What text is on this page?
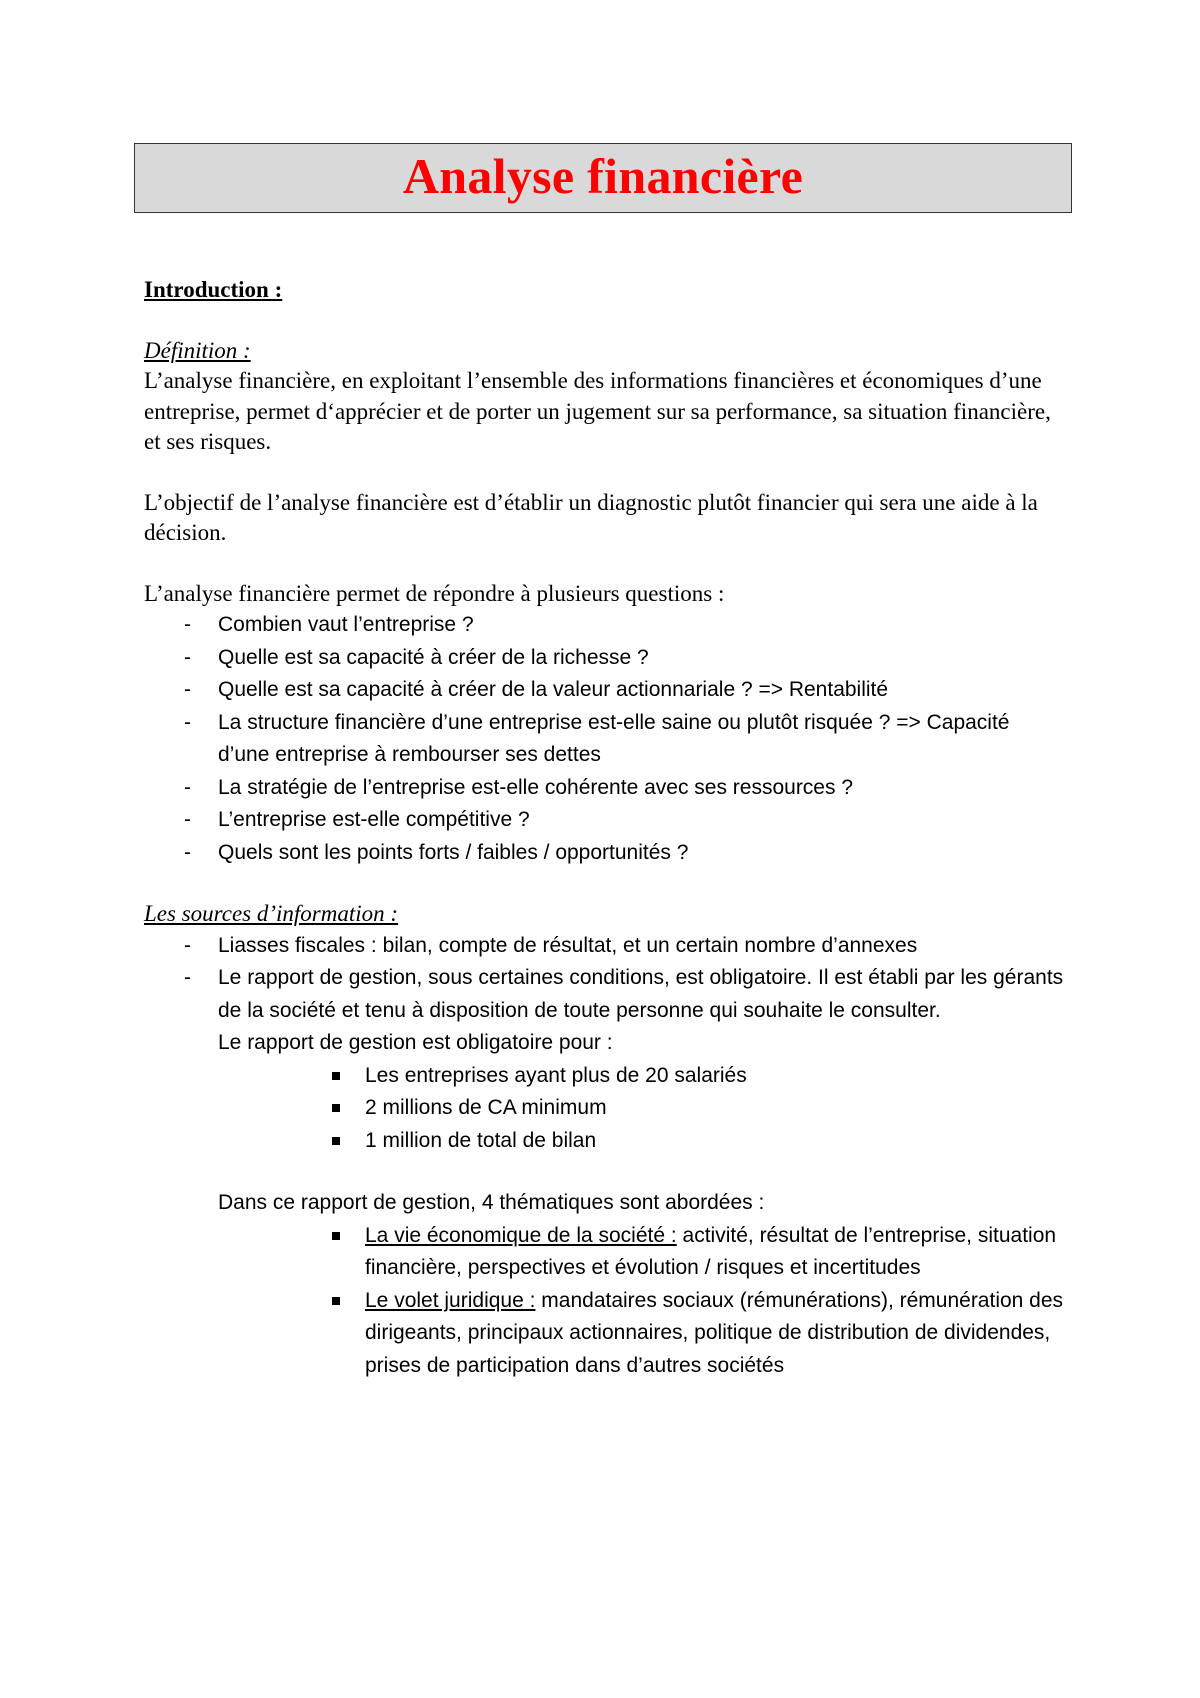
Analyse financière

Introduction :

Définition :

L’analyse financière, en exploitant l’ensemble des informations financières et économiques d’une entreprise, permet d‘apprécier et de porter un jugement sur sa performance, sa situation financière, et ses risques.

L’objectif de l’analyse financière est d’établir un diagnostic plutôt financier qui sera une aide à la décision.

L’analyse financière permet de répondre à plusieurs questions :

- Combien vaut l’entreprise ?
- Quelle est sa capacité à créer de la richesse ?
- Quelle est sa capacité à créer de la valeur actionnariale ? => Rentabilité
- La structure financière d’une entreprise est-elle saine ou plutôt risquée ? => Capacité d’une entreprise à rembourser ses dettes
- La stratégie de l’entreprise est-elle cohérente avec ses ressources ?
- L’entreprise est-elle compétitive ?
- Quels sont les points forts / faibles / opportunités ?

Les sources d’information :

- Liasses fiscales : bilan, compte de résultat, et un certain nombre d’annexes
- Le rapport de gestion, sous certaines conditions, est obligatoire. Il est établi par les gérants de la société et tenu à disposition de toute personne qui souhaite le consulter.

Le rapport de gestion est obligatoire pour :

Les entreprises ayant plus de 20 salariés
2 millions de CA minimum
1 million de total de bilan

Dans ce rapport de gestion, 4 thématiques sont abordées :

La vie économique de la société : activité, résultat de l’entreprise, situation financière, perspectives et évolution / risques et incertitudes
Le volet juridique : mandataires sociaux (rémunérations), rémunération des dirigeants, principaux actionnaires, politique de distribution de dividendes, prises de participation dans d’autres sociétés
